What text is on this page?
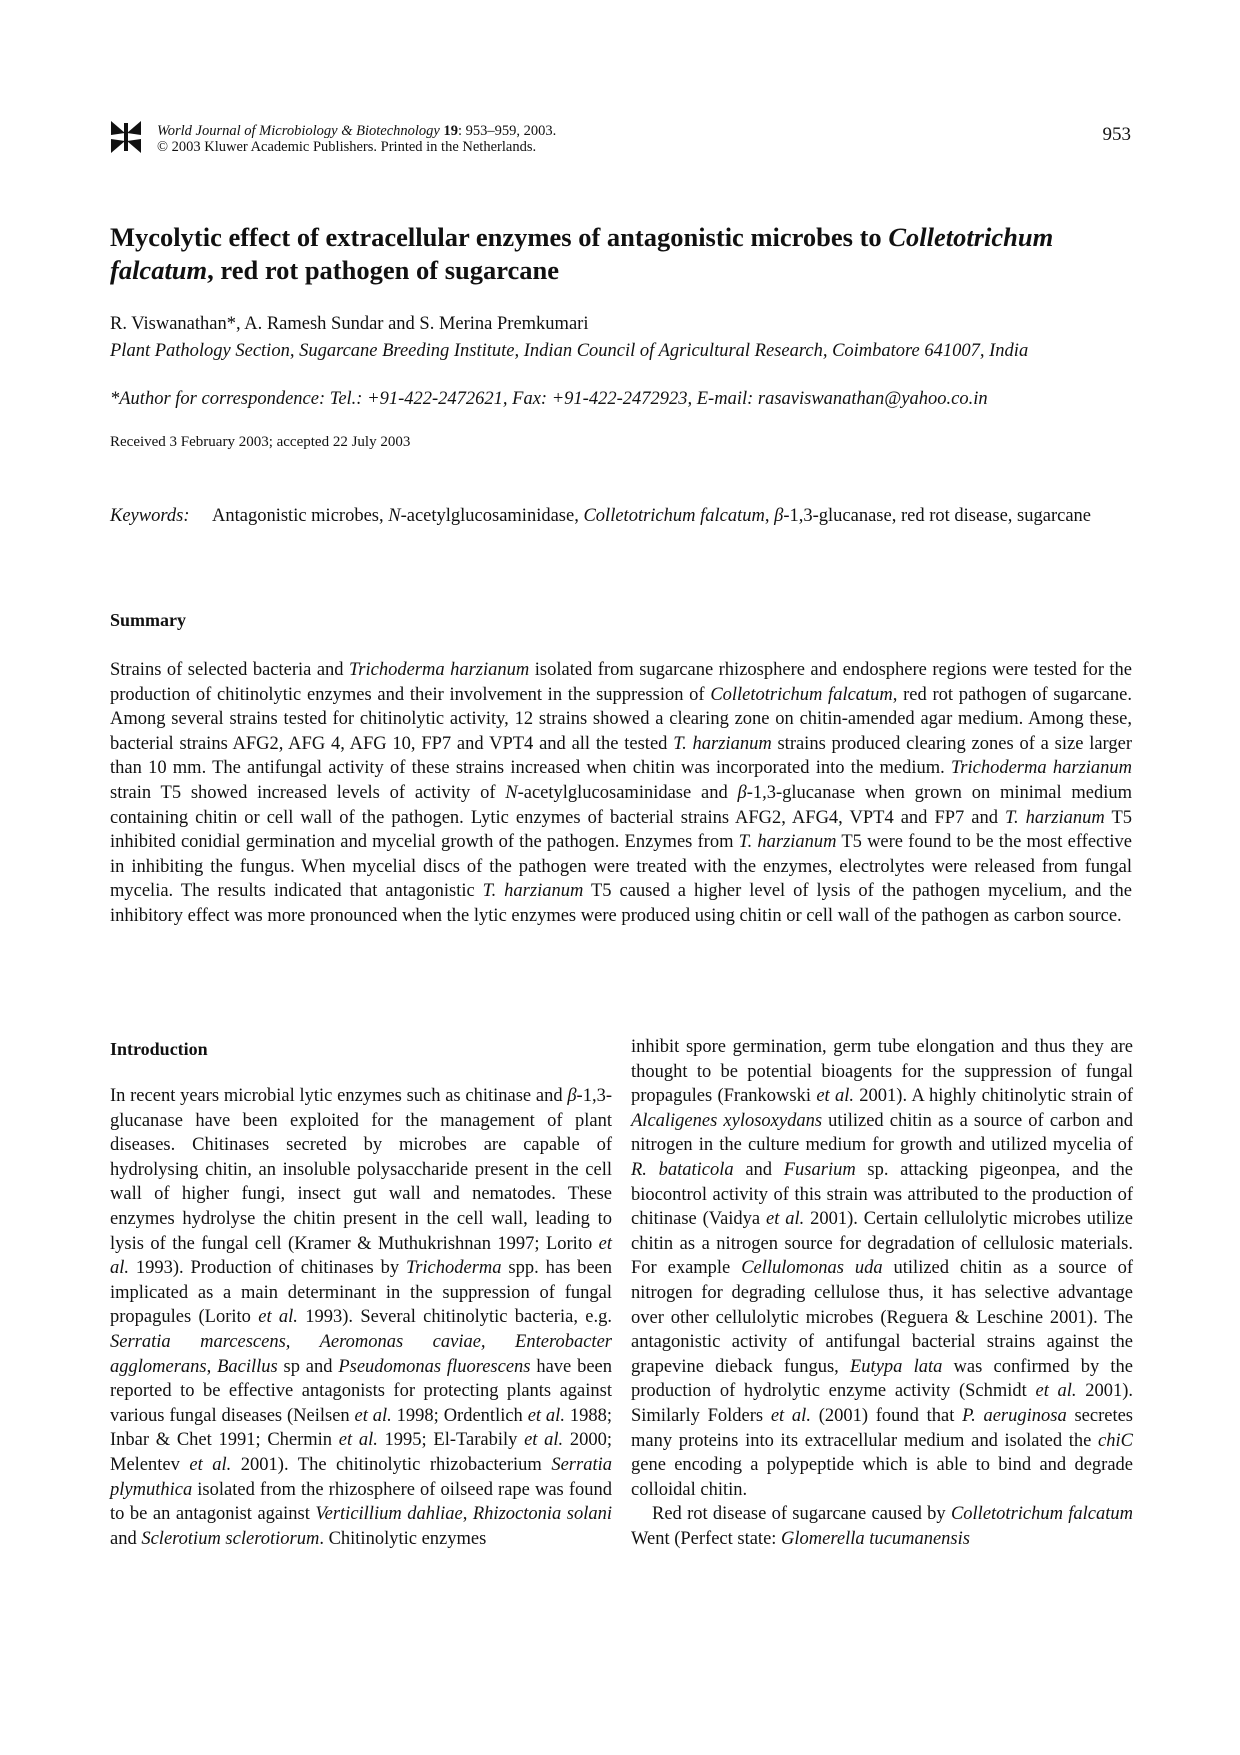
World Journal of Microbiology & Biotechnology 19: 953–959, 2003.
© 2003 Kluwer Academic Publishers. Printed in the Netherlands.
953
Mycolytic effect of extracellular enzymes of antagonistic microbes to Colletotrichum falcatum, red rot pathogen of sugarcane
R. Viswanathan*, A. Ramesh Sundar and S. Merina Premkumari
Plant Pathology Section, Sugarcane Breeding Institute, Indian Council of Agricultural Research, Coimbatore 641007, India
*Author for correspondence: Tel.: +91-422-2472621, Fax: +91-422-2472923, E-mail: rasaviswanathan@yahoo.co.in
Received 3 February 2003; accepted 22 July 2003
Keywords: Antagonistic microbes, N-acetylglucosaminidase, Colletotrichum falcatum, β-1,3-glucanase, red rot disease, sugarcane
Summary

Strains of selected bacteria and Trichoderma harzianum isolated from sugarcane rhizosphere and endosphere regions were tested for the production of chitinolytic enzymes and their involvement in the suppression of Colletotrichum falcatum, red rot pathogen of sugarcane. Among several strains tested for chitinolytic activity, 12 strains showed a clearing zone on chitin-amended agar medium. Among these, bacterial strains AFG2, AFG 4, AFG 10, FP7 and VPT4 and all the tested T. harzianum strains produced clearing zones of a size larger than 10 mm. The antifungal activity of these strains increased when chitin was incorporated into the medium. Trichoderma harzianum strain T5 showed increased levels of activity of N-acetylglucosaminidase and β-1,3-glucanase when grown on minimal medium containing chitin or cell wall of the pathogen. Lytic enzymes of bacterial strains AFG2, AFG4, VPT4 and FP7 and T. harzianum T5 inhibited conidial germination and mycelial growth of the pathogen. Enzymes from T. harzianum T5 were found to be the most effective in inhibiting the fungus. When mycelial discs of the pathogen were treated with the enzymes, electrolytes were released from fungal mycelia. The results indicated that antagonistic T. harzianum T5 caused a higher level of lysis of the pathogen mycelium, and the inhibitory effect was more pronounced when the lytic enzymes were produced using chitin or cell wall of the pathogen as carbon source.

Introduction

In recent years microbial lytic enzymes such as chitinase and β-1,3-glucanase have been exploited for the management of plant diseases. Chitinases secreted by microbes are capable of hydrolysing chitin, an insoluble polysaccharide present in the cell wall of higher fungi, insect gut wall and nematodes. These enzymes hydrolyse the chitin present in the cell wall, leading to lysis of the fungal cell (Kramer & Muthukrishnan 1997; Lorito et al. 1993). Production of chitinases by Trichoderma spp. has been implicated as a main determinant in the suppression of fungal propagules (Lorito et al. 1993). Several chitinolytic bacteria, e.g. Serratia marcescens, Aeromonas caviae, Enterobacter agglomerans, Bacillus sp and Pseudomonas fluorescens have been reported to be effective antagonists for protecting plants against various fungal diseases (Neilsen et al. 1998; Ordentlich et al. 1988; Inbar & Chet 1991; Chermin et al. 1995; El-Tarabily et al. 2000; Melentev et al. 2001). The chitinolytic rhizobacterium Serratia plymuthica isolated from the rhizosphere of oilseed rape was found to be an antagonist against Verticillium dahliae, Rhizoctonia solani and Sclerotium sclerotiorum. Chitinolytic enzymes

inhibit spore germination, germ tube elongation and thus they are thought to be potential bioagents for the suppression of fungal propagules (Frankowski et al. 2001). A highly chitinolytic strain of Alcaligenes xylosoxydans utilized chitin as a source of carbon and nitrogen in the culture medium for growth and utilized mycelia of R. bataticola and Fusarium sp. attacking pigeonpea, and the biocontrol activity of this strain was attributed to the production of chitinase (Vaidya et al. 2001). Certain cellulolytic microbes utilize chitin as a nitrogen source for degradation of cellulosic materials. For example Cellulomonas uda utilized chitin as a source of nitrogen for degrading cellulose thus, it has selective advantage over other cellulolytic microbes (Reguera & Leschine 2001). The antagonistic activity of antifungal bacterial strains against the grapevine dieback fungus, Eutypa lata was confirmed by the production of hydrolytic enzyme activity (Schmidt et al. 2001). Similarly Folders et al. (2001) found that P. aeruginosa secretes many proteins into its extracellular medium and isolated the chiC gene encoding a polypeptide which is able to bind and degrade colloidal chitin.

Red rot disease of sugarcane caused by Colletotrichum falcatum Went (Perfect state: Glomerella tucumanensis
